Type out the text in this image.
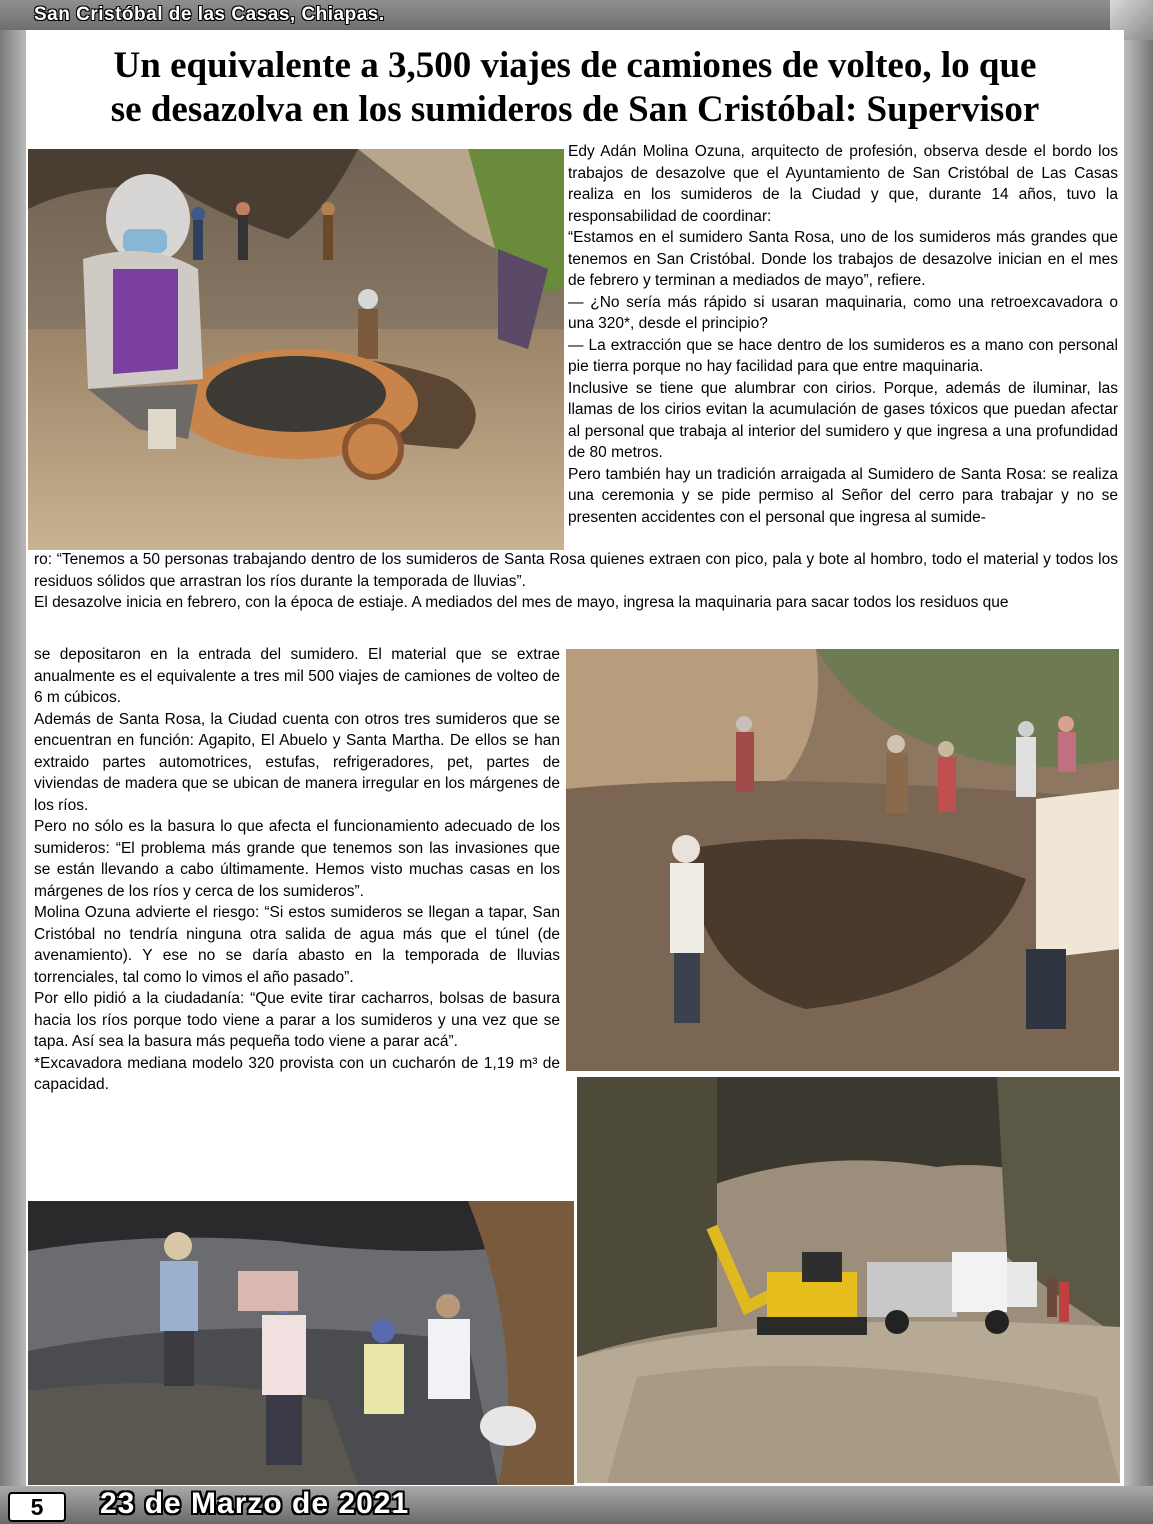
San Cristóbal de las Casas, Chiapas.
Un equivalente a 3,500 viajes de camiones de volteo, lo que
se desazolva en los sumideros de San Cristóbal: Supervisor

Edy Adán Molina Ozuna, arquitecto de profesión, observa desde el bordo los trabajos de desazolve que el Ayuntamiento de San Cristóbal de Las Casas realiza en los sumideros de la Ciudad y que, durante 14 años, tuvo la responsabilidad de coordinar:

“Estamos en el sumidero Santa Rosa, uno de los sumideros más grandes que tenemos en San Cristóbal. Donde los trabajos de desazolve inician en el mes de febrero y terminan a mediados de mayo”, refiere.

— ¿No sería más rápido si usaran maquinaria, como una retroexcavadora o una 320*, desde el principio?

— La extracción que se hace dentro de los sumideros es a mano con personal pie tierra porque no hay facilidad para que entre maquinaria.

Inclusive se tiene que alumbrar con cirios. Porque, además de iluminar, las llamas de los cirios evitan la acumulación de gases tóxicos que puedan afectar al personal que trabaja al interior del sumidero y que ingresa a una profundidad de 80 metros.

Pero también hay un tradición arraigada al Sumidero de Santa Rosa: se realiza una ceremonia y se pide permiso al Señor del cerro para trabajar y no se presenten accidentes con el personal que ingresa al sumide-

ro: “Tenemos a 50 personas trabajando dentro de los sumideros de Santa Rosa quienes extraen con pico, pala y bote al hombro, todo el material y todos los residuos sólidos que arrastran los ríos durante la temporada de lluvias”.

El desazolve inicia en febrero, con la época de estiaje. A mediados del mes de mayo, ingresa la maquinaria para sacar todos los residuos que

se depositaron en la entrada del sumidero. El material que se extrae anualmente es el equivalente a tres mil 500 viajes de camiones de volteo de 6 m cúbicos.

Además de Santa Rosa, la Ciudad cuenta con otros tres sumideros que se encuentran en función: Agapito, El Abuelo y Santa Martha. De ellos se han extraido partes automotrices, estufas, refrigeradores, pet, partes de viviendas de madera que se ubican de manera irregular en los márgenes de los ríos.

Pero no sólo es la basura lo que afecta el funcionamiento adecuado de los sumideros: “El problema más grande que tenemos son las invasiones que se están llevando a cabo últimamente. Hemos visto muchas casas en los márgenes de los ríos y cerca de los sumideros”.

Molina Ozuna advierte el riesgo: “Si estos sumideros se llegan a tapar, San Cristóbal no tendría ninguna otra salida de agua más que el túnel (de avenamiento). Y ese no se daría abasto en la temporada de lluvias torrenciales, tal como lo vimos el año pasado”.

Por ello pidió a la ciudadanía: “Que evite tirar cacharros, bolsas de basura hacia los ríos porque todo viene a parar a los sumideros y una vez que se tapa. Así sea la basura más pequeña todo viene a parar acá”.

*Excavadora mediana modelo 320 provista con un cucharón de 1,19 m³ de capacidad.

5	23 de Marzo de 2021
